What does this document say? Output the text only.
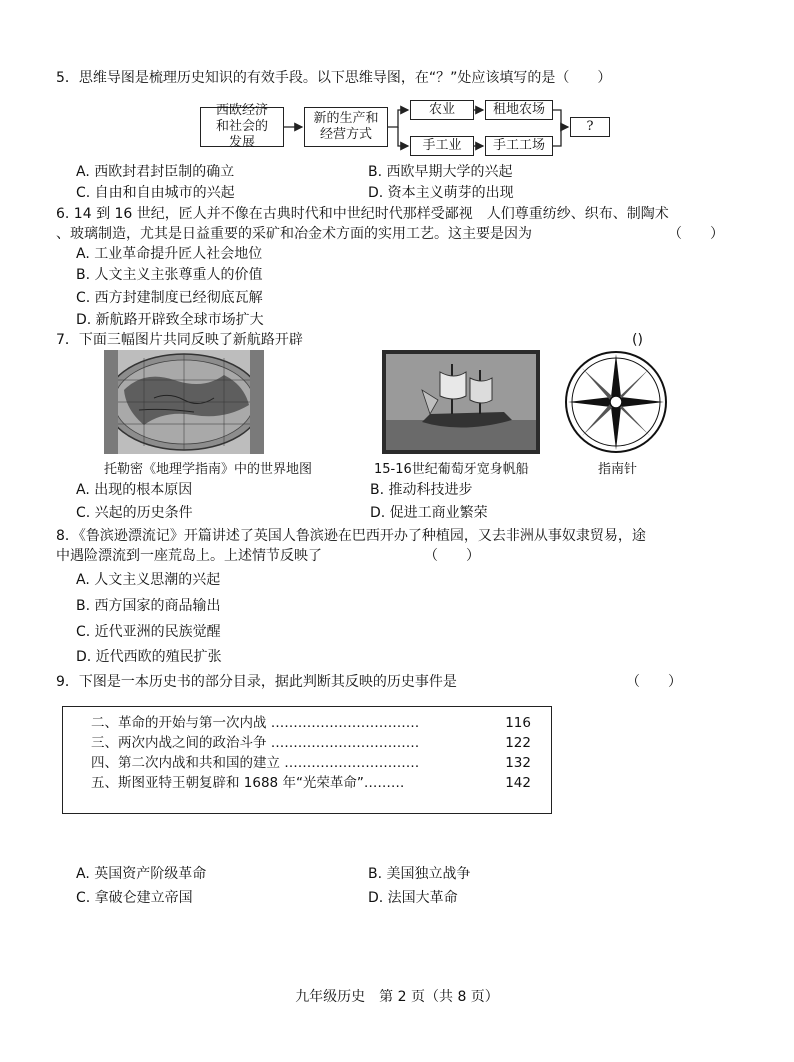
5．思维导图是梳理历史知识的有效手段。以下思维导图，在“？”处应该填写的是（　　）
西欧经济和社会的发展
新的生产和经营方式
农业	租地农场
手工业 手工工场
?
A. 西欧封君封臣制的确立	B. 西欧早期大学的兴起
C. 自由和自由城市的兴起	D. 资本主义萌芽的出现
6. 14 到 16 世纪，匠人并不像在古典时代和中世纪时代那样受鄙视　人们尊重纺纱、织布、制陶术
、玻璃制造，尤其是日益重要的采矿和冶金术方面的实用工艺。这主要是因为	（　　）
A. 工业革命提升匠人社会地位
B. 人文主义主张尊重人的价值
C. 西方封建制度已经彻底瓦解
D. 新航路开辟致全球市场扩大
7．下面三幅图片共同反映了新航路开辟	()
托勒密《地理学指南》中的世界地图	15-16世纪葡萄牙宽身帆船	指南针
A. 出现的根本原因	B. 推动科技进步
C. 兴起的历史条件	D. 促进工商业繁荣
8．《鲁滨逊漂流记》开篇讲述了英国人鲁滨逊在巴西开办了种植园，又去非洲从事奴隶贸易，途
中遇险漂流到一座荒岛上。上述情节反映了	（　　）
A. 人文主义思潮的兴起
B. 西方国家的商品输出
C. 近代亚洲的民族觉醒
D. 近代西欧的殖民扩张
9．下图是一本历史书的部分目录，据此判断其反映的历史事件是	（　　）
二、革命的开始与第一次内战 ……………………………	116
三、两次内战之间的政治斗争 ……………………………	122
四、第二次内战和共和国的建立 …………………………	132
五、斯图亚特王朝复辟和 1688 年“光荣革命”………	142
A. 英国资产阶级革命	B. 美国独立战争
C. 拿破仑建立帝国	D. 法国大革命
九年级历史　第 2 页（共 8 页）
